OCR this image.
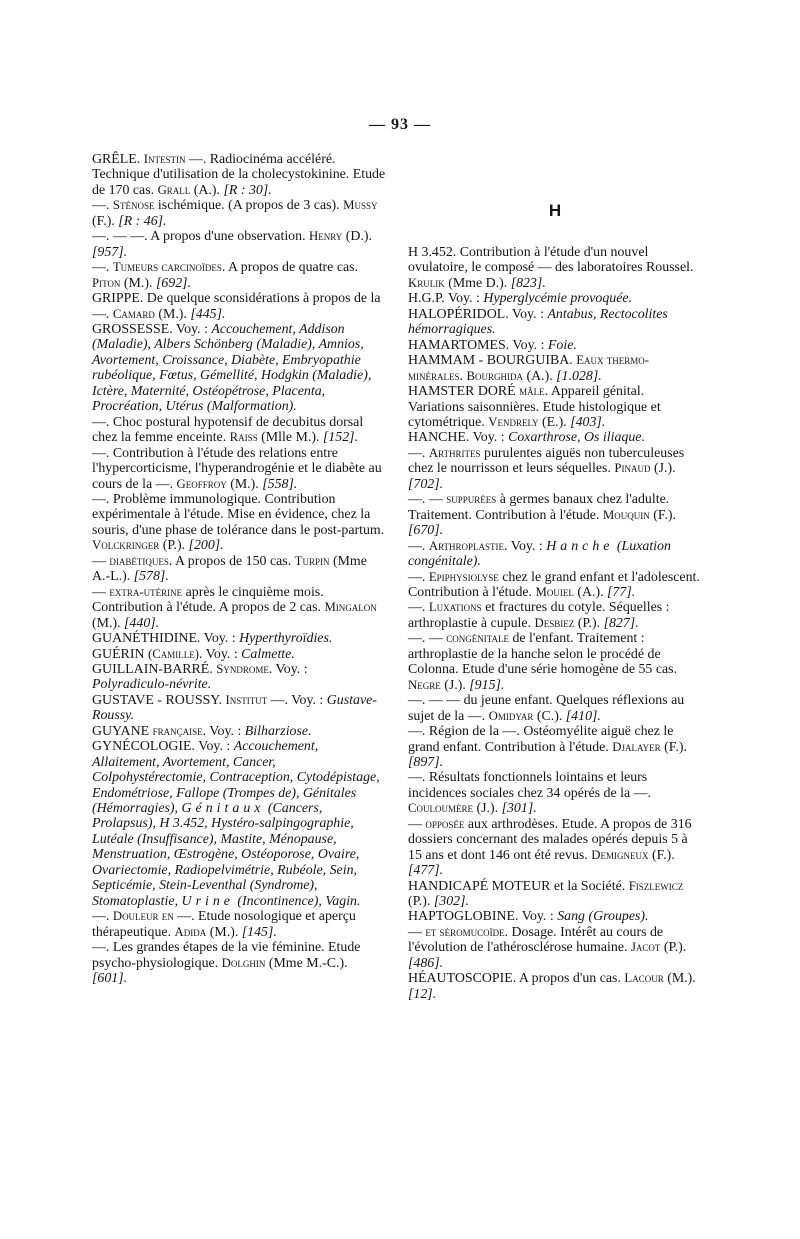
— 93 —

GRÊLE. Intestin —. Radiocinéma accéléré. Technique d'utilisation de la cholecystokinine. Etude de 170 cas. Grall (A.). [R : 30].

—. Sténose ischémique. (A propos de 3 cas). Mussy (F.). [R : 46].

—. — —. A propos d'une observation. Henry (D.). [957].

—. Tumeurs carcinoïdes. A propos de quatre cas. Piton (M.). [692].

GRIPPE. De quelque sconsidérations à propos de la —. Camard (M.). [445].

GROSSESSE. Voy. : Accouchement, Addison (Maladie), Albers Schönberg (Maladie), Amnios, Avortement, Croissance, Diabète, Embryopathie rubéolique, Fœtus, Gémellité, Hodgkin (Maladie), Ictère, Maternité, Ostéopétrose, Placenta, Procréation, Utérus (Malformation).

—. Choc postural hypotensif de decubitus dorsal chez la femme enceinte. Raiss (Mlle M.). [152].

—. Contribution à l'étude des relations entre l'hypercorticisme, l'hyperandrogénie et le diabète au cours de la —. Geoffroy (M.). [558].

—. Problème immunologique. Contribution expérimentale à l'étude. Mise en évidence, chez la souris, d'une phase de tolérance dans le post-partum. Volckringer (P.). [200].

— diabétiques. A propos de 150 cas. Turpin (Mme A.-L.). [578].

— extra-utérine après le cinquième mois. Contribution à l'étude. A propos de 2 cas. Mingalon (M.). [440].

GUANÉTHIDINE. Voy. : Hyperthyroïdies.

GUÉRIN (Camille). Voy. : Calmette.

GUILLAIN-BARRÉ. Syndrome. Voy. : Polyradiculo-névrite.

GUSTAVE - ROUSSY. Institut —. Voy. : Gustave-Roussy.

GUYANE française. Voy. : Bilharziose.

GYNÉCOLOGIE. Voy. : Accouchement, Allaitement, Avortement, Cancer, Colpohystérectomie, Contraception, Cytodépistage, Endométriose, Fallope (Trompes de), Génitales (Hémorragies), Génitaux (Cancers, Prolapsus), H 3.452, Hystéro-salpingographie, Lutéale (Insuffisance), Mastite, Ménopause, Menstruation, Œstrogène, Ostéoporose, Ovaire, Ovariectomie, Radiopelvimétrie, Rubéole, Sein, Septicémie, Stein-Leventhal (Syndrome), Stomatoplastie, Urine (Incontinence), Vagin.

—. Douleur en —. Etude nosologique et aperçu thérapeutique. Adida (M.). [145].

—. Les grandes étapes de la vie féminine. Etude psycho-physiologique. Dolghin (Mme M.-C.). [601].

H

H 3.452. Contribution à l'étude d'un nouvel ovulatoire, le composé — des laboratoires Roussel. Krulik (Mme D.). [823].

H.G.P. Voy. : Hyperglycémie provoquée.

HALOPÉRIDOL. Voy. : Antabus, Rectocolites hémorragiques.

HAMARTOMES. Voy. : Foie.

HAMMAM - BOURGUIBA. Eaux thermo-minérales. Bourghida (A.). [1.028].

HAMSTER DORÉ mâle. Appareil génital. Variations saisonnières. Etude histologique et cytométrique. Vendrely (E.). [403].

HANCHE. Voy. : Coxarthrose, Os iliaque.

—. Arthrites purulentes aiguës non tuberculeuses chez le nourrisson et leurs séquelles. Pinaud (J.). [702].

—. — suppurées à germes banaux chez l'adulte. Traitement. Contribution à l'étude. Mouquin (F.). [670].

—. Arthroplastie. Voy. : Hanche (Luxation congénitale).

—. Epiphysiolyse chez le grand enfant et l'adolescent. Contribution à l'étude. Mouiel (A.). [77].

—. Luxations et fractures du cotyle. Séquelles : arthroplastie à cupule. Desbiez (P.). [827].

—. — congénitale de l'enfant. Traitement : arthroplastie de la hanche selon le procédé de Colonna. Etude d'une série homogène de 55 cas. Negre (J.). [915].

—. — — du jeune enfant. Quelques réflexions au sujet de la —. Omidyar (C.). [410].

—. Région de la —. Ostéomyélite aiguë chez le grand enfant. Contribution à l'étude. Djalayer (F.). [897].

—. Résultats fonctionnels lointains et leurs incidences sociales chez 34 opérés de la —. Couloumère (J.). [301].

— opposée aux arthrodèses. Etude. A propos de 316 dossiers concernant des malades opérés depuis 5 à 15 ans et dont 146 ont été revus. Demigneux (F.). [477].

HANDICAPÉ MOTEUR et la Société. Fiszlewicz (P.). [302].

HAPTOGLOBINE. Voy. : Sang (Groupes).

— et séromucoïde. Dosage. Intérêt au cours de l'évolution de l'athérosclérose humaine. Jacot (P.). [486].

HÉAUTOSCOPIE. A propos d'un cas. Lacour (M.). [12].
